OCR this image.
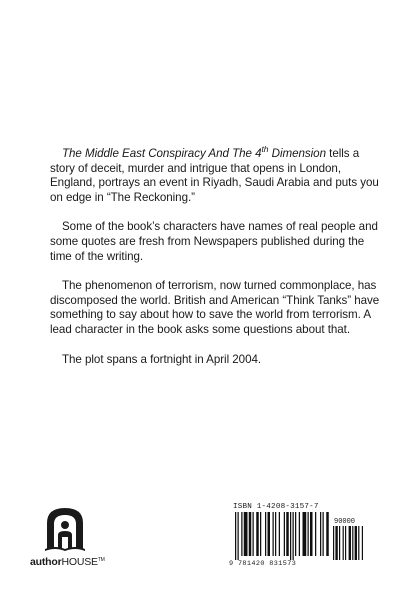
The Middle East Conspiracy And The 4th Dimension tells a story of deceit, murder and intrigue that opens in London, England, portrays an event in Riyadh, Saudi Arabia and puts you on edge in “The Reckoning.”

Some of the book’s characters have names of real people and some quotes are fresh from Newspapers published during the time of the writing.

The phenomenon of terrorism, now turned commonplace, has discomposed the world. British and American “Think Tanks” have something to say about how to save the world from terrorism. A lead character in the book asks some questions about that.

The plot spans a fortnight in April 2004.

authorHOUSE™
ISBN 1-4208-3157-7
90000
9 781420 831573
